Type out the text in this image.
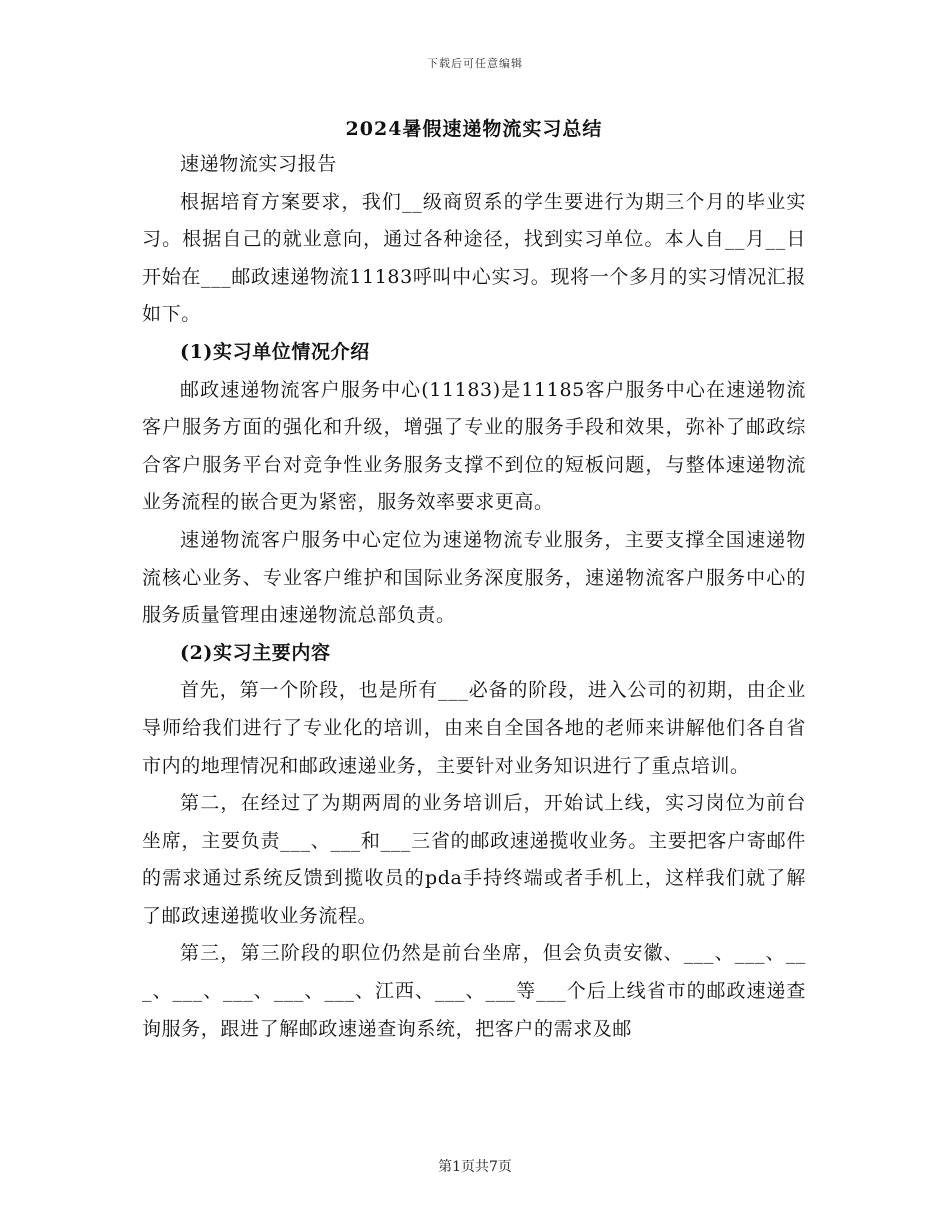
下载后可任意编辑
2024暑假速递物流实习总结

速递物流实习报告

根据培育方案要求，我们__级商贸系的学生要进行为期三个月的毕业实习。根据自己的就业意向，通过各种途径，找到实习单位。本人自__月__日开始在___邮政速递物流11183呼叫中心实习。现将一个多月的实习情况汇报如下。

(1)实习单位情况介绍

邮政速递物流客户服务中心(11183)是11185客户服务中心在速递物流客户服务方面的强化和升级，增强了专业的服务手段和效果，弥补了邮政综合客户服务平台对竞争性业务服务支撑不到位的短板问题，与整体速递物流业务流程的嵌合更为紧密，服务效率要求更高。

速递物流客户服务中心定位为速递物流专业服务，主要支撑全国速递物流核心业务、专业客户维护和国际业务深度服务，速递物流客户服务中心的服务质量管理由速递物流总部负责。

(2)实习主要内容

首先，第一个阶段，也是所有___必备的阶段，进入公司的初期，由企业导师给我们进行了专业化的培训，由来自全国各地的老师来讲解他们各自省市内的地理情况和邮政速递业务，主要针对业务知识进行了重点培训。

第二，在经过了为期两周的业务培训后，开始试上线，实习岗位为前台坐席，主要负责___、___和___三省的邮政速递揽收业务。主要把客户寄邮件的需求通过系统反馈到揽收员的pda手持终端或者手机上，这样我们就了解了邮政速递揽收业务流程。

第三，第三阶段的职位仍然是前台坐席，但会负责安徽、___、___、___、___、___、___、___、江西、___、___等___个后上线省市的邮政速递查询服务，跟进了解邮政速递查询系统，把客户的需求及邮

第1页共7页
